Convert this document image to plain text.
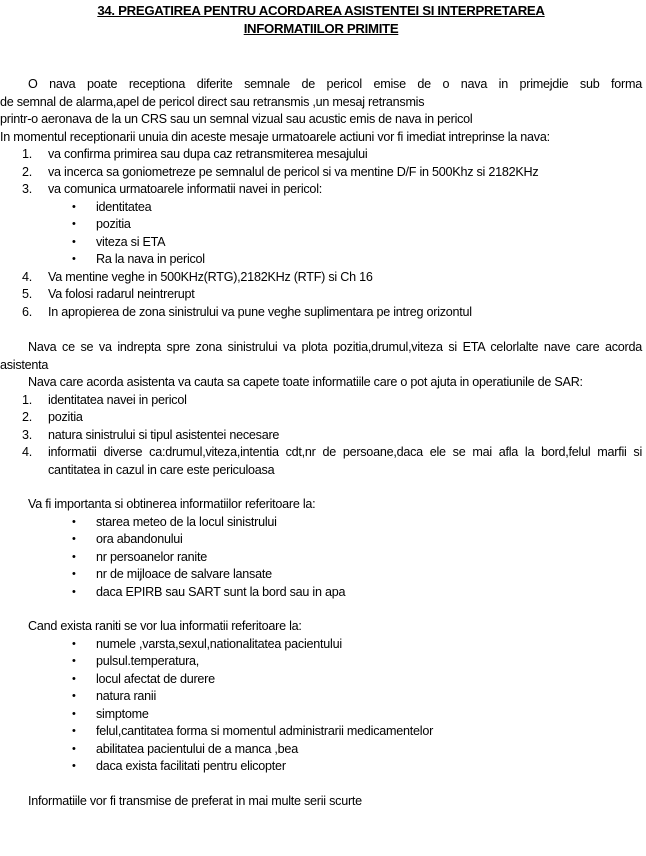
34. PREGATIREA PENTRU ACORDAREA ASISTENTEI SI INTERPRETAREA
INFORMATIILOR PRIMITE

O nava poate receptiona diferite semnale de pericol emise de o nava in primejdie sub forma

de semnal de alarma,apel de pericol direct sau retransmis ,un mesaj retransmis

printr-o aeronava de la un CRS sau un semnal vizual sau acustic emis de nava in pericol

In momentul receptionarii unuia din aceste mesaje urmatoarele actiuni vor fi imediat intreprinse la nava:

1. va confirma primirea sau dupa caz retransmiterea mesajului
2. va incerca sa goniometreze pe semnalul de pericol si va mentine D/F in 500Khz si 2182KHz
3. va comunica urmatoarele informatii navei in pericol:
• identitatea
• pozitia
• viteza si ETA
• Ra la nava in pericol
4. Va mentine veghe in 500KHz(RTG),2182KHz (RTF) si Ch 16
5. Va folosi radarul neintrerupt
6. In apropierea de zona sinistrului va pune veghe suplimentara pe intreg orizontul

Nava ce se va indrepta spre zona sinistrului va plota pozitia,drumul,viteza si ETA celorlalte nave care acorda asistenta

Nava care acorda asistenta va cauta sa capete toate informatiile care o pot ajuta in operatiunile de SAR:

1. identitatea navei in pericol
2. pozitia
3. natura sinistrului si tipul asistentei necesare
4. informatii diverse ca:drumul,viteza,intentia cdt,nr de persoane,daca ele se mai afla la bord,felul marfii si cantitatea in cazul in care este periculoasa

Va fi importanta si obtinerea informatiilor referitoare la:

• starea meteo de la locul sinistrului
• ora abandonului
• nr persoanelor ranite
• nr de mijloace de salvare lansate
• daca EPIRB sau SART sunt la bord sau in apa

Cand exista raniti se vor lua informatii referitoare la:

• numele ,varsta,sexul,nationalitatea pacientului
• pulsul.temperatura,
• locul afectat de durere
• natura ranii
• simptome
• felul,cantitatea forma si momentul administrarii medicamentelor
• abilitatea pacientului de a manca ,bea
• daca exista facilitati pentru elicopter

Informatiile vor fi transmise de preferat in mai multe serii scurte
